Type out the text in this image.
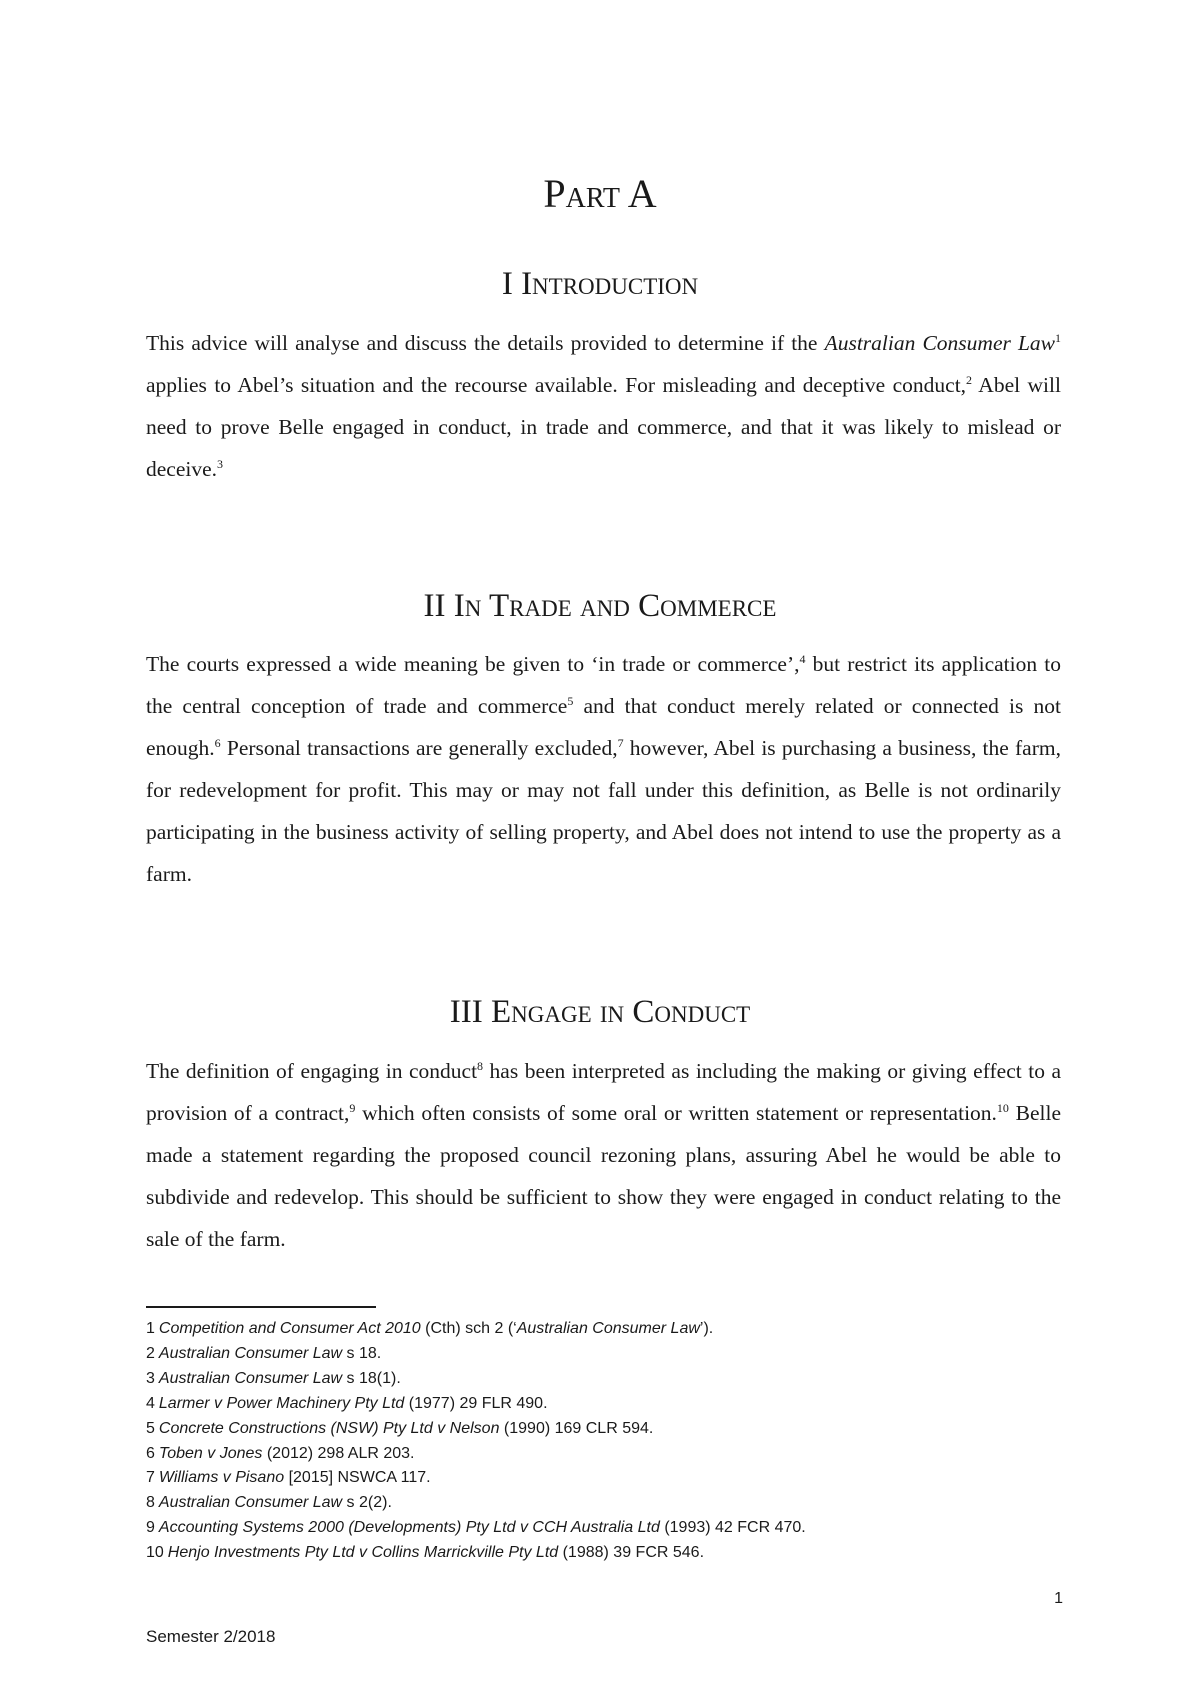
Part A
I Introduction

This advice will analyse and discuss the details provided to determine if the Australian Consumer Law$^1$ applies to Abel’s situation and the recourse available. For misleading and deceptive conduct,$^2$ Abel will need to prove Belle engaged in conduct, in trade and commerce, and that it was likely to mislead or deceive.$^3$

II In Trade and Commerce

The courts expressed a wide meaning be given to ‘in trade or commerce’,$^4$ but restrict its application to the central conception of trade and commerce$^5$ and that conduct merely related or connected is not enough.$^6$ Personal transactions are generally excluded,$^7$ however, Abel is purchasing a business, the farm, for redevelopment for profit. This may or may not fall under this definition, as Belle is not ordinarily participating in the business activity of selling property, and Abel does not intend to use the property as a farm.

III Engage in Conduct

The definition of engaging in conduct$^8$ has been interpreted as including the making or giving effect to a provision of a contract,$^9$ which often consists of some oral or written statement or representation.$^{10}$ Belle made a statement regarding the proposed council rezoning plans, assuring Abel he would be able to subdivide and redevelop. This should be sufficient to show they were engaged in conduct relating to the sale of the farm.

1 Competition and Consumer Act 2010 (Cth) sch 2 (‘Australian Consumer Law’).
2 Australian Consumer Law s 18.
3 Australian Consumer Law s 18(1).
4 Larmer v Power Machinery Pty Ltd (1977) 29 FLR 490.
5 Concrete Constructions (NSW) Pty Ltd v Nelson (1990) 169 CLR 594.
6 Toben v Jones (2012) 298 ALR 203.
7 Williams v Pisano [2015] NSWCA 117.
8 Australian Consumer Law s 2(2).
9 Accounting Systems 2000 (Developments) Pty Ltd v CCH Australia Ltd (1993) 42 FCR 470.
10 Henjo Investments Pty Ltd v Collins Marrickville Pty Ltd (1988) 39 FCR 546.
1
Semester 2/2018
